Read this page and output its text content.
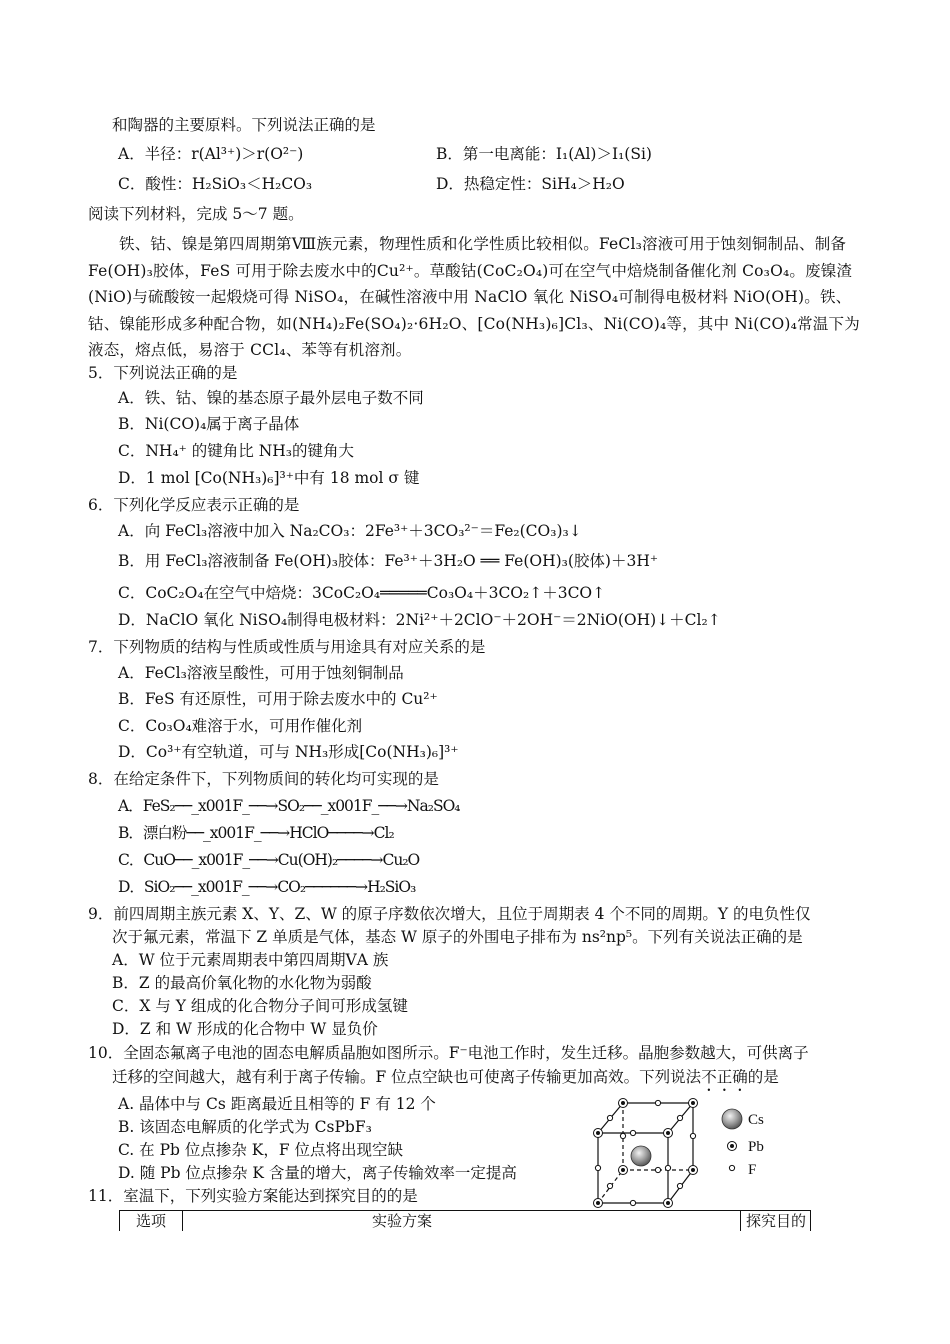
和陶器的主要原料。下列说法正确的是
A．半径：r(Al³⁺)＞r(O²⁻)	B．第一电离能：I₁(Al)＞I₁(Si)
C．酸性：H₂SiO₃＜H₂CO₃	D．热稳定性：SiH₄＞H₂O
阅读下列材料，完成 5～7 题。
铁、钴、镍是第四周期第Ⅷ族元素，物理性质和化学性质比较相似。FeCl₃溶液可用于蚀刻铜制品、制备Fe(OH)₃胶体，FeS 可用于除去废水中的Cu²⁺。草酸钴(CoC₂O₄)可在空气中焙烧制备催化剂 Co₃O₄。废镍渣(NiO)与硫酸铵一起煅烧可得 NiSO₄，在碱性溶液中用 NaClO 氧化 NiSO₄可制得电极材料 NiO(OH)。铁、钴、镍能形成多种配合物，如(NH₄)₂Fe(SO₄)₂·6H₂O、[Co(NH₃)₆]Cl₃、Ni(CO)₄等，其中 Ni(CO)₄常温下为液态，熔点低，易溶于 CCl₄、苯等有机溶剂。
5．下列说法正确的是
A．铁、钴、镍的基态原子最外层电子数不同
B．Ni(CO)₄属于离子晶体
C．NH₄⁺ 的键角比 NH₃的键角大
D．1 mol [Co(NH₃)₆]³⁺中有 18 mol σ 键
6．下列化学反应表示正确的是
A．向 FeCl₃溶液中加入 Na₂CO₃：2Fe³⁺＋3CO₃²⁻＝Fe₂(CO₃)₃↓
B．用 FeCl₃溶液制备 Fe(OH)₃胶体：Fe³⁺＋3H₂O ══ Fe(OH)₃(胶体)＋3H⁺
C．CoC₂O₄在空气中焙烧：3CoC₂O₄═════Co₃O₄＋3CO₂↑＋3CO↑
D．NaClO 氧化 NiSO₄制得电极材料：2Ni²⁺＋2ClO⁻＋2OH⁻＝2NiO(OH)↓＋Cl₂↑
7．下列物质的结构与性质或性质与用途具有对应关系的是
A．FeCl₃溶液呈酸性，可用于蚀刻铜制品
B．FeS 有还原性，可用于除去废水中的 Cu²⁺
C．Co₃O₄难溶于水，可用作催化剂
D．Co³⁺有空轨道，可与 NH₃形成[Co(NH₃)₆]³⁺
8．在给定条件下，下列物质间的转化均可实现的是
A．FeS₂──_x001F_──→SO₂──_x001F_──→Na₂SO₄
B．漂白粉──_x001F_──→HClO────→Cl₂
C．CuO──_x001F_──→Cu(OH)₂────→Cu₂O
D．SiO₂──_x001F_──→CO₂──────→H₂SiO₃
9．前四周期主族元素 X、Y、Z、W 的原子序数依次增大，且位于周期表 4 个不同的周期。Y 的电负性仅
次于氟元素，常温下 Z 单质是气体，基态 W 原子的外围电子排布为 ns²np⁵。下列有关说法正确的是
A．W 位于元素周期表中第四周期ⅤA 族
B．Z 的最高价氧化物的水化物为弱酸
C．X 与 Y 组成的化合物分子间可形成氢键
D．Z 和 W 形成的化合物中 W 显负价
10．全固态氟离子电池的固态电解质晶胞如图所示。F⁻电池工作时，发生迁移。晶胞参数越大，可供离子
迁移的空间越大，越有利于离子传输。F 位点空缺也可使离子传输更加高效。下列说法不正确的是
A. 晶体中与 Cs 距离最近且相等的 F 有 12 个
B. 该固态电解质的化学式为 CsPbF₃
C. 在 Pb 位点掺杂 K，F 位点将出现空缺
D. 随 Pb 位点掺杂 K 含量的增大，离子传输效率一定提高
Cs
Pb
F
11．室温下，下列实验方案能达到探究目的的是
选项	实验方案	探究目的
